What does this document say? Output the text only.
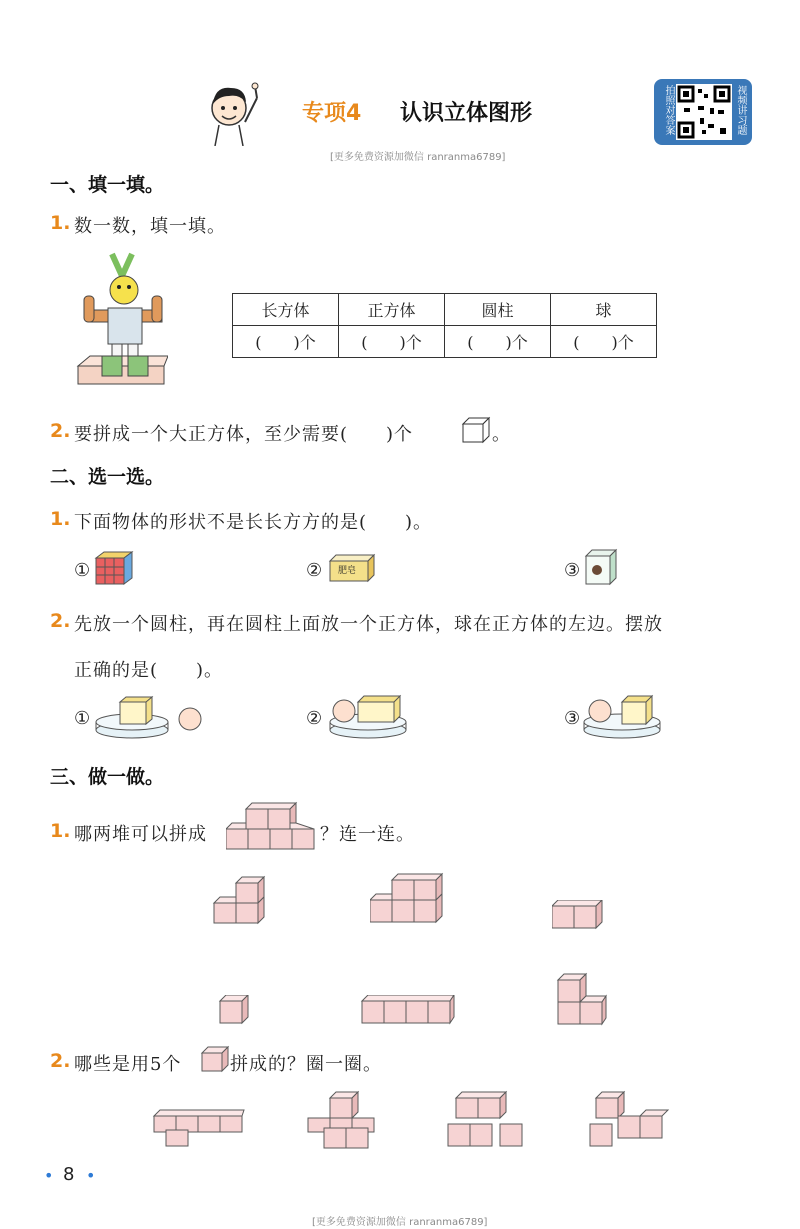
专项4 认识立体图形	拍照对答案	视频讲习题
[更多免费资源加微信 ranranma6789]
一、填一填。
1. 数一数，填一填。
长方体	正方体	圆柱	球
(　　)个	(　　)个	(　　)个	(　　)个
2. 要拼成一个大正方体，至少需要(　　)个	。
二、选一选。
1. 下面物体的形状不是长长方方的是(　　)。
①	② 肥皂	③
2. 先放一个圆柱，再在圆柱上面放一个正方体，球在正方体的左边。摆放
正确的是(　　)。
①	②	③
三、做一做。
1. 哪两堆可以拼成	？连一连。
2. 哪些是用5个	拼成的？圈一圈。
• 8 •
[更多免费资源加微信 ranranma6789]
